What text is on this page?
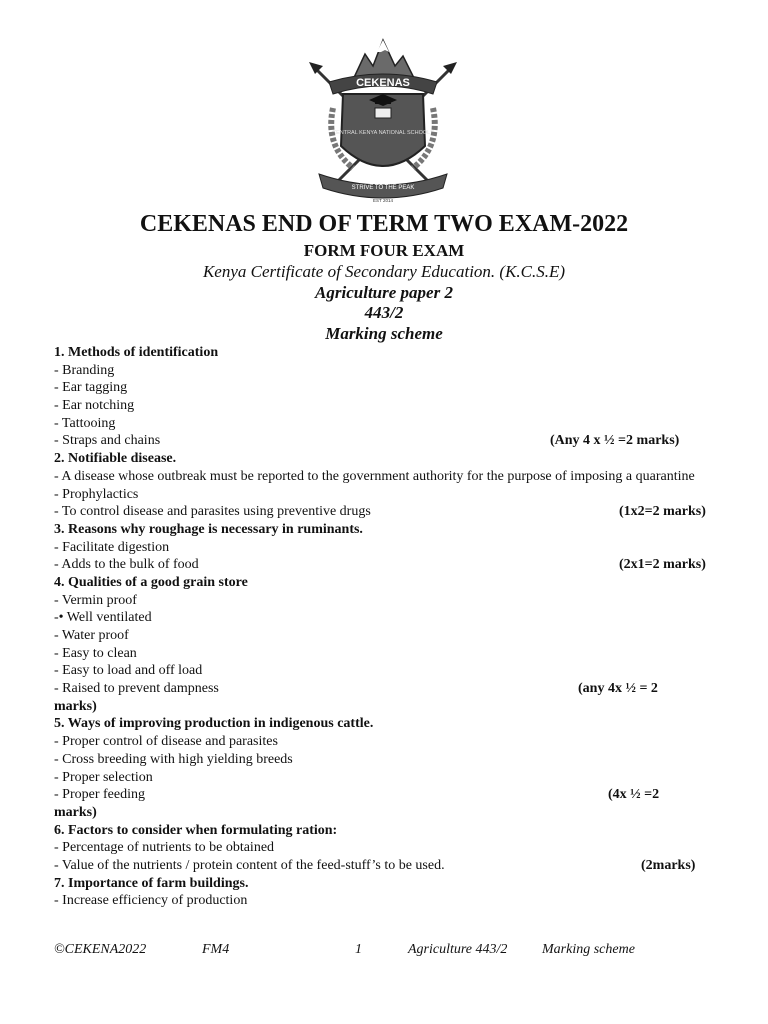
CEKENAS
CENTRAL KENYA NATIONAL SCHOOLS
STRIVE TO THE PEAK
EST 2014
CEKENAS END OF TERM TWO EXAM-2022
FORM FOUR EXAM
Kenya Certificate of Secondary Education. (K.C.S.E)
Agriculture paper 2
443/2
Marking scheme
1. Methods of identification
- Branding
- Ear tagging
- Ear notching
- Tattooing
- Straps and chains	(Any 4 x ½ =2 marks)
2. Notifiable disease.
- A disease whose outbreak must be reported to the government authority for the purpose of imposing a quarantine
- Prophylactics
- To control disease and parasites using preventive drugs	(1x2=2 marks)
3. Reasons why roughage is necessary in ruminants.
- Facilitate digestion
- Adds to the bulk of food	(2x1=2 marks)
4. Qualities of a good grain store
- Vermin proof
-• Well ventilated
- Water proof
- Easy to clean
- Easy to load and off load
- Raised to prevent dampness	(any 4x ½ = 2
marks)
5. Ways of improving production in indigenous cattle.
- Proper control of disease and parasites
- Cross breeding with high yielding breeds
- Proper selection
- Proper feeding	(4x ½ =2
marks)
6. Factors to consider when formulating ration:
- Percentage of nutrients to be obtained
- Value of the nutrients / protein content of the feed-stuff’s to be used.	(2marks)
7. Importance of farm buildings.
- Increase efficiency of production
©CEKENA2022	FM4	1	Agriculture 443/2 Marking scheme
